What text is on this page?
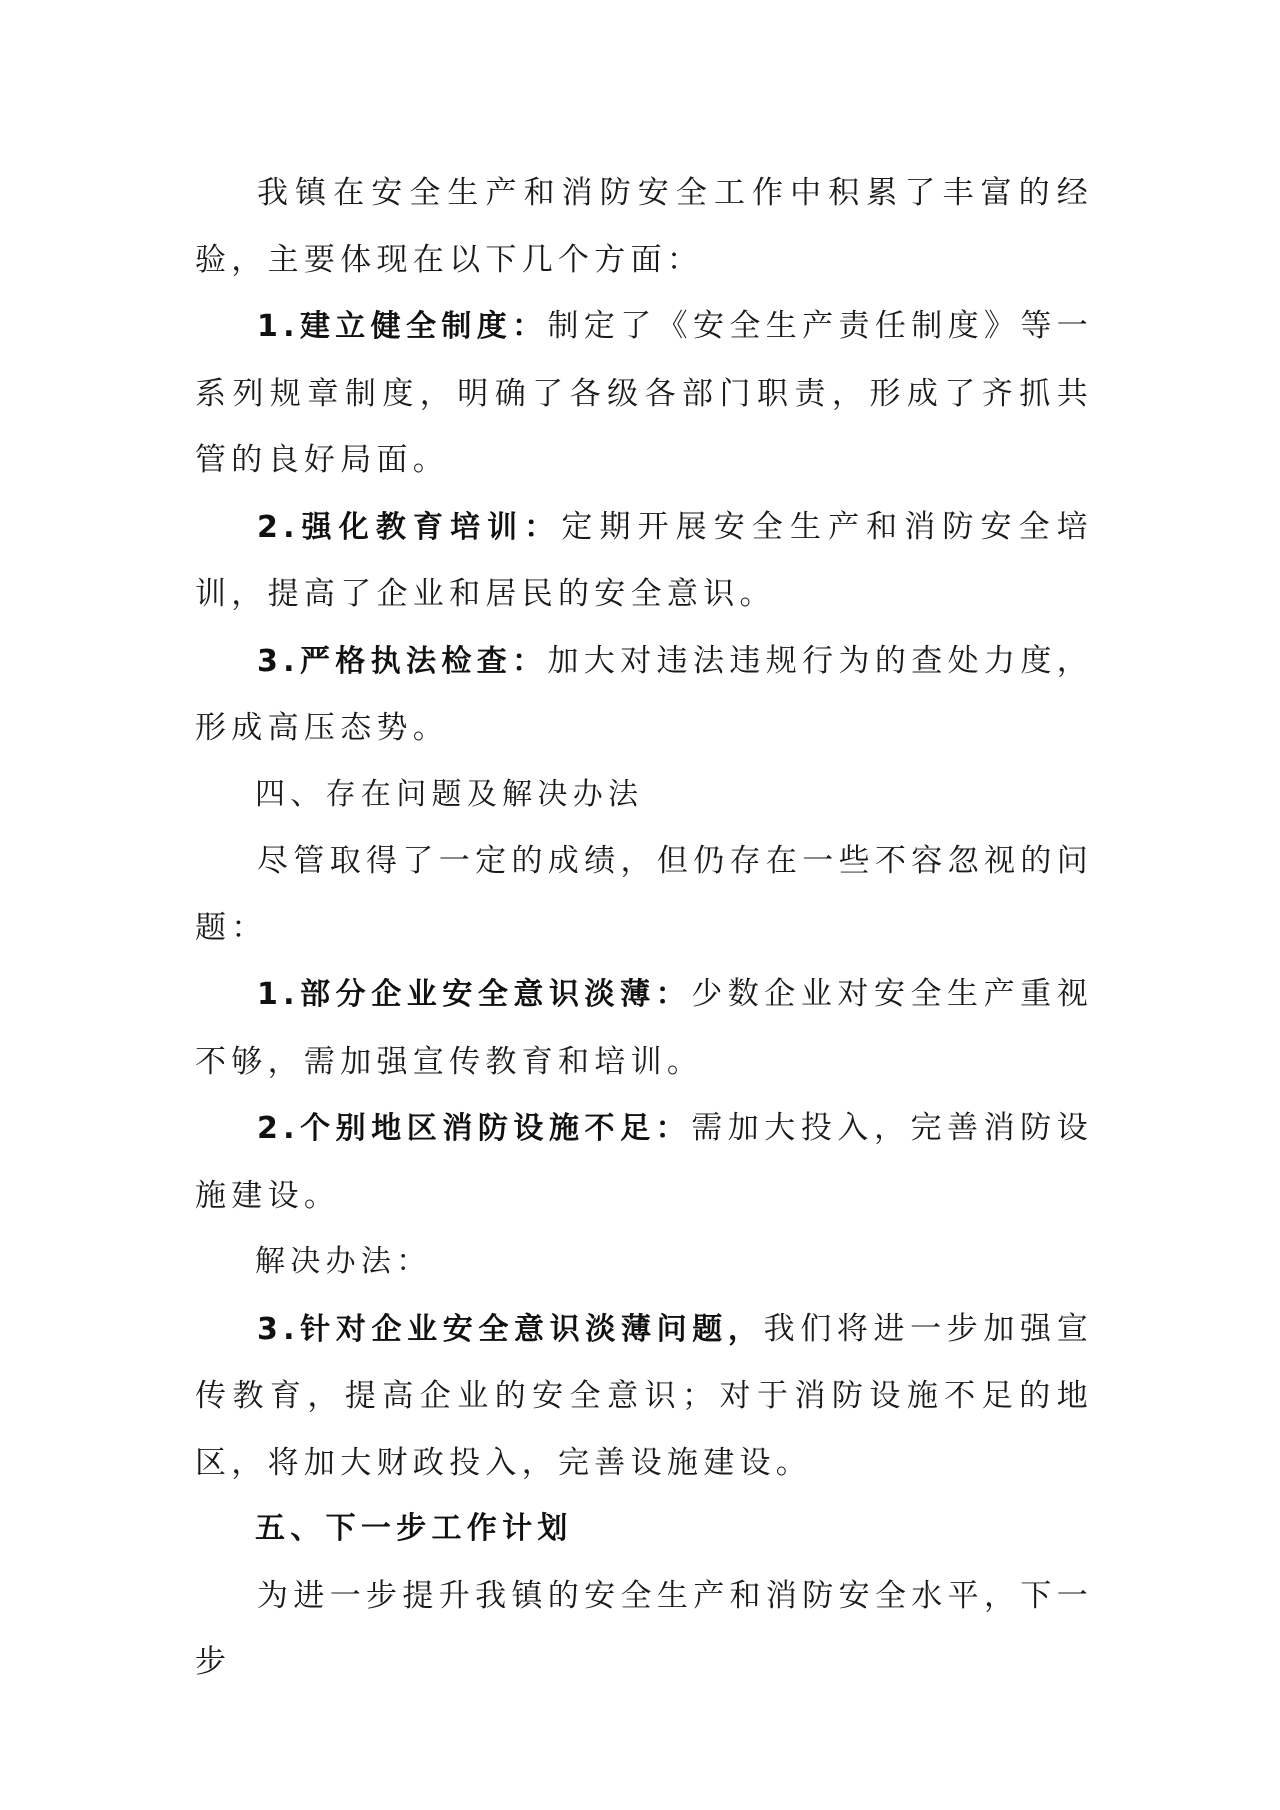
我镇在安全生产和消防安全工作中积累了丰富的经验，主要体现在以下几个方面：

1.建立健全制度：制定了《安全生产责任制度》等一系列规章制度，明确了各级各部门职责，形成了齐抓共管的良好局面。

2.强化教育培训：定期开展安全生产和消防安全培训，提高了企业和居民的安全意识。

3.严格执法检查：加大对违法违规行为的查处力度，形成高压态势。

四、存在问题及解决办法

尽管取得了一定的成绩，但仍存在一些不容忽视的问题：

1.部分企业安全意识淡薄：少数企业对安全生产重视不够，需加强宣传教育和培训。

2.个别地区消防设施不足：需加大投入，完善消防设施建设。

解决办法：

3.针对企业安全意识淡薄问题，我们将进一步加强宣传教育，提高企业的安全意识；对于消防设施不足的地区，将加大财政投入，完善设施建设。

五、下一步工作计划

为进一步提升我镇的安全生产和消防安全水平，下一步
